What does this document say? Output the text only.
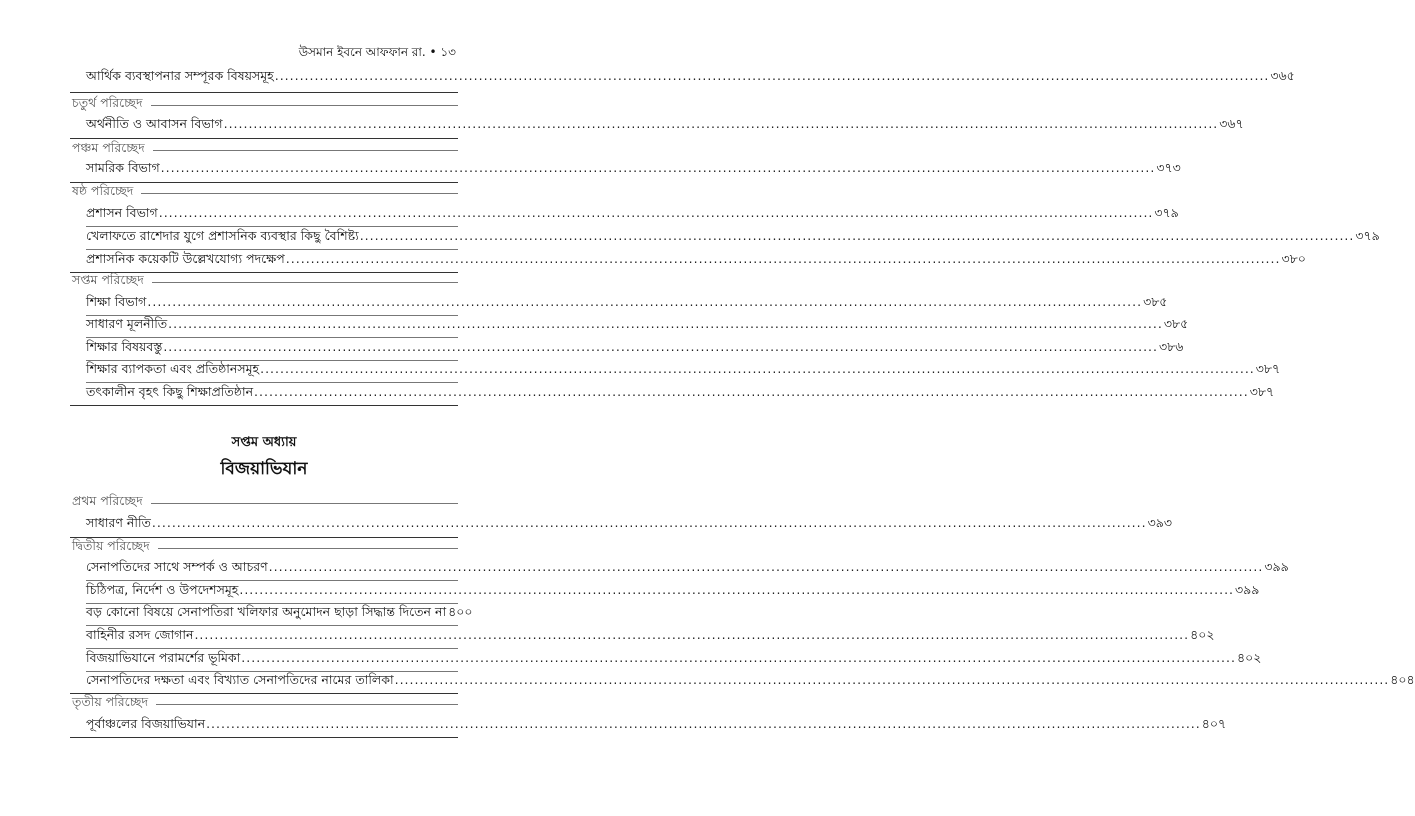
উসমান ইবনে আফফান রা. • ১৩
আর্থিক ব্যবস্থাপনার সম্পূরক বিষয়সমূহ ........................................................................................................................................................................................................ ৩৬৫
চতুর্থ পরিচ্ছেদ
অর্থনীতি ও আবাসন বিভাগ ........................................................................................................................................................................................................ ৩৬৭
পঞ্চম পরিচ্ছেদ
সামরিক বিভাগ ........................................................................................................................................................................................................ ৩৭৩
ষষ্ঠ পরিচ্ছেদ
প্রশাসন বিভাগ ........................................................................................................................................................................................................ ৩৭৯
খেলাফতে রাশেদার যুগে প্রশাসনিক ব্যবস্থার কিছু বৈশিষ্ট্য ........................................................................................................................................................................................................ ৩৭৯
প্রশাসনিক কয়েকটি উল্লেখযোগ্য পদক্ষেপ ........................................................................................................................................................................................................ ৩৮০
সপ্তম পরিচ্ছেদ
শিক্ষা বিভাগ ........................................................................................................................................................................................................ ৩৮৫
সাধারণ মূলনীতি ........................................................................................................................................................................................................ ৩৮৫
শিক্ষার বিষয়বস্তু ........................................................................................................................................................................................................ ৩৮৬
শিক্ষার ব্যাপকতা এবং প্রতিষ্ঠানসমূহ ........................................................................................................................................................................................................ ৩৮৭
তৎকালীন বৃহৎ কিছু শিক্ষাপ্রতিষ্ঠান ........................................................................................................................................................................................................ ৩৮৭
সপ্তম অধ্যায়
বিজয়াভিযান
প্রথম পরিচ্ছেদ
সাধারণ নীতি ........................................................................................................................................................................................................ ৩৯৩
দ্বিতীয় পরিচ্ছেদ
সেনাপতিদের সাথে সম্পর্ক ও আচরণ ........................................................................................................................................................................................................ ৩৯৯
চিঠিপত্র, নির্দেশ ও উপদেশসমূহ ........................................................................................................................................................................................................ ৩৯৯
বড় কোনো বিষয়ে সেনাপতিরা খলিফার অনুমোদন ছাড়া সিদ্ধান্ত দিতেন না ৪০০
বাহিনীর রসদ জোগান ........................................................................................................................................................................................................ ৪০২
বিজয়াভিযানে পরামর্শের ভূমিকা ........................................................................................................................................................................................................ ৪০২
সেনাপতিদের দক্ষতা এবং বিখ্যাত সেনাপতিদের নামের তালিকা ........................................................................................................................................................................................................ ৪০৪
তৃতীয় পরিচ্ছেদ
পূর্বাঞ্চলের বিজয়াভিযান ........................................................................................................................................................................................................ ৪০৭
